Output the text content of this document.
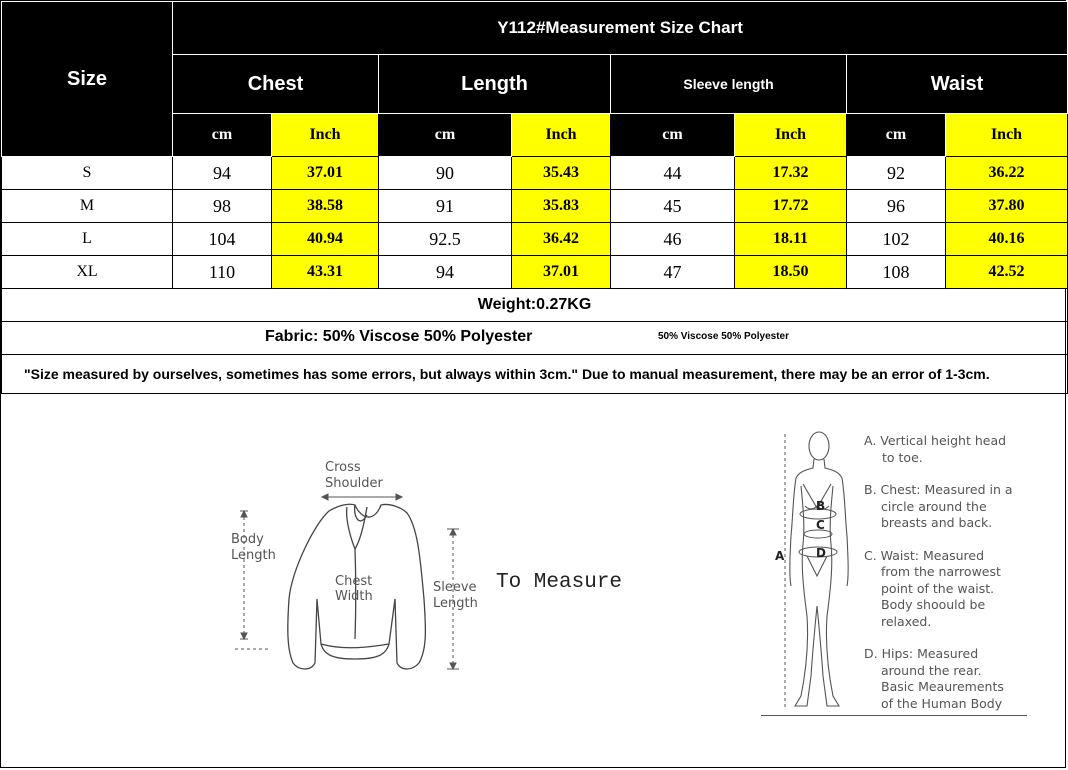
Size	Y112#Measurement Size Chart							
	Chest		Length		Sleeve length		Waist	
	cm	Inch	cm	Inch	cm	Inch	cm	Inch
S	94	37.01	90	35.43	44	17.32	92	36.22
M	98	38.58	91	35.83	45	17.72	96	37.80
L	104	40.94	92.5	36.42	46	18.11	102	40.16
XL	110	43.31	94	37.01	47	18.50	108	42.52
Weight:0.27KG								

Fabric: 50% Viscose 50% Polyester 50% Viscose 50% Polyester								

"Size measured by ourselves, sometimes has some errors, but always within 3cm." Due to manual measurement, there may be an error of 1-3cm.								
Cross
Shoulder
Body
Length
Chest
Width
Sleeve
Length
To Measure
A
B
C
D
A. Vertical height head
to toe.
B. Chest: Measured in a
circle around the
breasts and back.
C. Waist: Measured
from the narrowest
point of the waist.
Body shoould be
relaxed.
D. Hips: Measured
around the rear.
Basic Meaurements
of the Human Body
